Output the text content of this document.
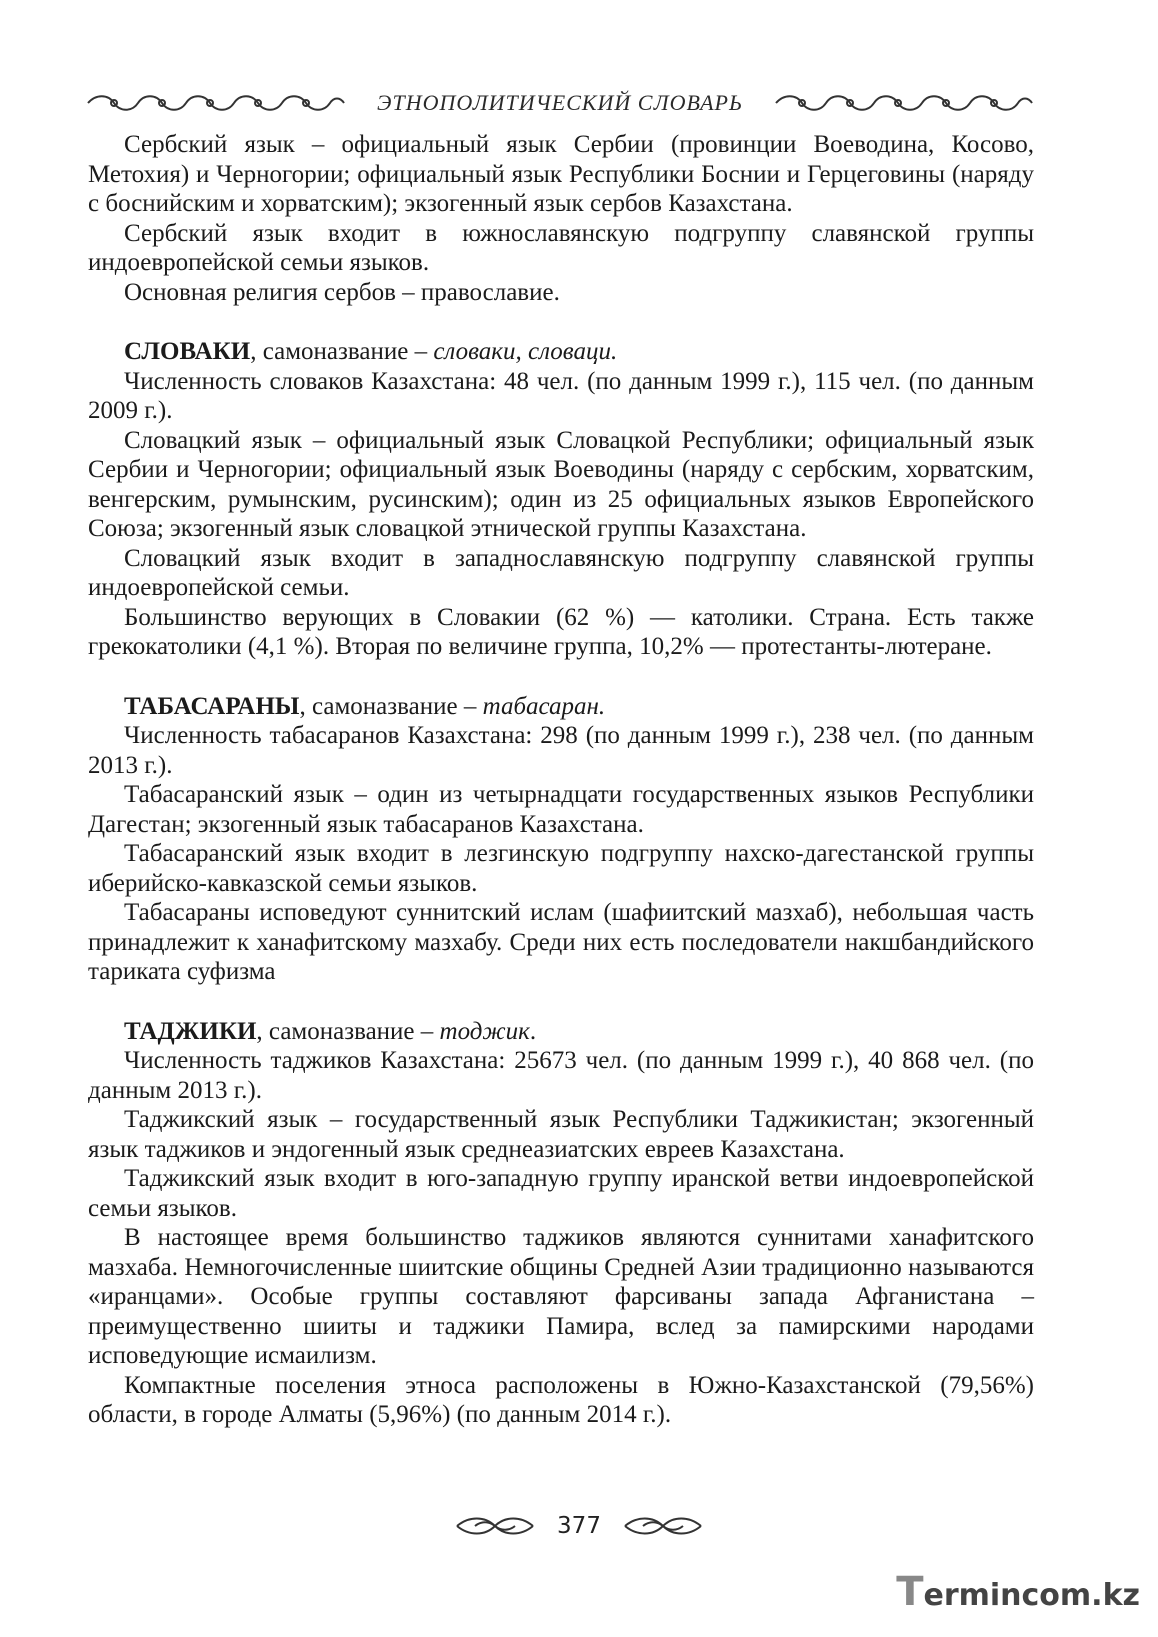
ЭТНОПОЛИТИЧЕСКИЙ СЛОВАРЬ

Сербский язык – официальный язык Сербии (провинции Воеводина, Косово, Метохия) и Черногории; официальный язык Республики Боснии и Герцеговины (наряду с боснийским и хорватским); экзогенный язык сербов Казахстана.

Сербский язык входит в южнославянскую подгруппу славянской группы индоевропейской семьи языков.

Основная религия сербов – православие.

СЛОВАКИ, самоназвание – словаки, словаци.

Численность словаков Казахстана: 48 чел. (по данным 1999 г.), 115 чел. (по данным 2009 г.).

Словацкий язык – официальный язык Словацкой Республики; официальный язык Сербии и Черногории; официальный язык Воеводины (наряду с сербским, хорватским, венгерским, румынским, русинским); один из 25 официальных языков Европейского Союза; экзогенный язык словацкой этнической группы Казахстана.

Словацкий язык входит в западнославянскую подгруппу славянской группы индоевропейской семьи.

Большинство верующих в Словакии (62 %) — католики. Страна. Есть также грекокатолики (4,1 %). Вторая по величине группа, 10,2% — протестанты-лютеране.

ТАБАСАРАНЫ, самоназвание – табасаран.

Численность табасаранов Казахстана: 298 (по данным 1999 г.), 238 чел. (по данным 2013 г.).

Табасаранский язык – один из четырнадцати государственных языков Республики Дагестан; экзогенный язык табасаранов Казахстана.

Табасаранский язык входит в лезгинскую подгруппу нахско-дагестанской группы иберийско-кавказской семьи языков.

Табасараны исповедуют суннитский ислам (шафиитский мазхаб), небольшая часть принадлежит к ханафитскому мазхабу. Среди них есть последователи накшбандийского тариката суфизма

ТАДЖИКИ, самоназвание – тоджик.

Численность таджиков Казахстана: 25673 чел. (по данным 1999 г.), 40 868 чел. (по данным 2013 г.).

Таджикский язык – государственный язык Республики Таджикистан; экзогенный язык таджиков и эндогенный язык среднеазиатских евреев Казахстана.

Таджикский язык входит в юго-западную группу иранской ветви индоевропейской семьи языков.

В настоящее время большинство таджиков являются суннитами ханафитского мазхаба. Немногочисленные шиитские общины Средней Азии традиционно называются «иранцами». Особые группы составляют фарсиваны запада Афганистана – преимущественно шииты и таджики Памира, вслед за памирскими народами исповедующие исмаилизм.

Компактные поселения этноса расположены в Южно-Казахстанской (79,56%) области, в городе Алматы (5,96%) (по данным 2014 г.).

377
Termincom.kz
